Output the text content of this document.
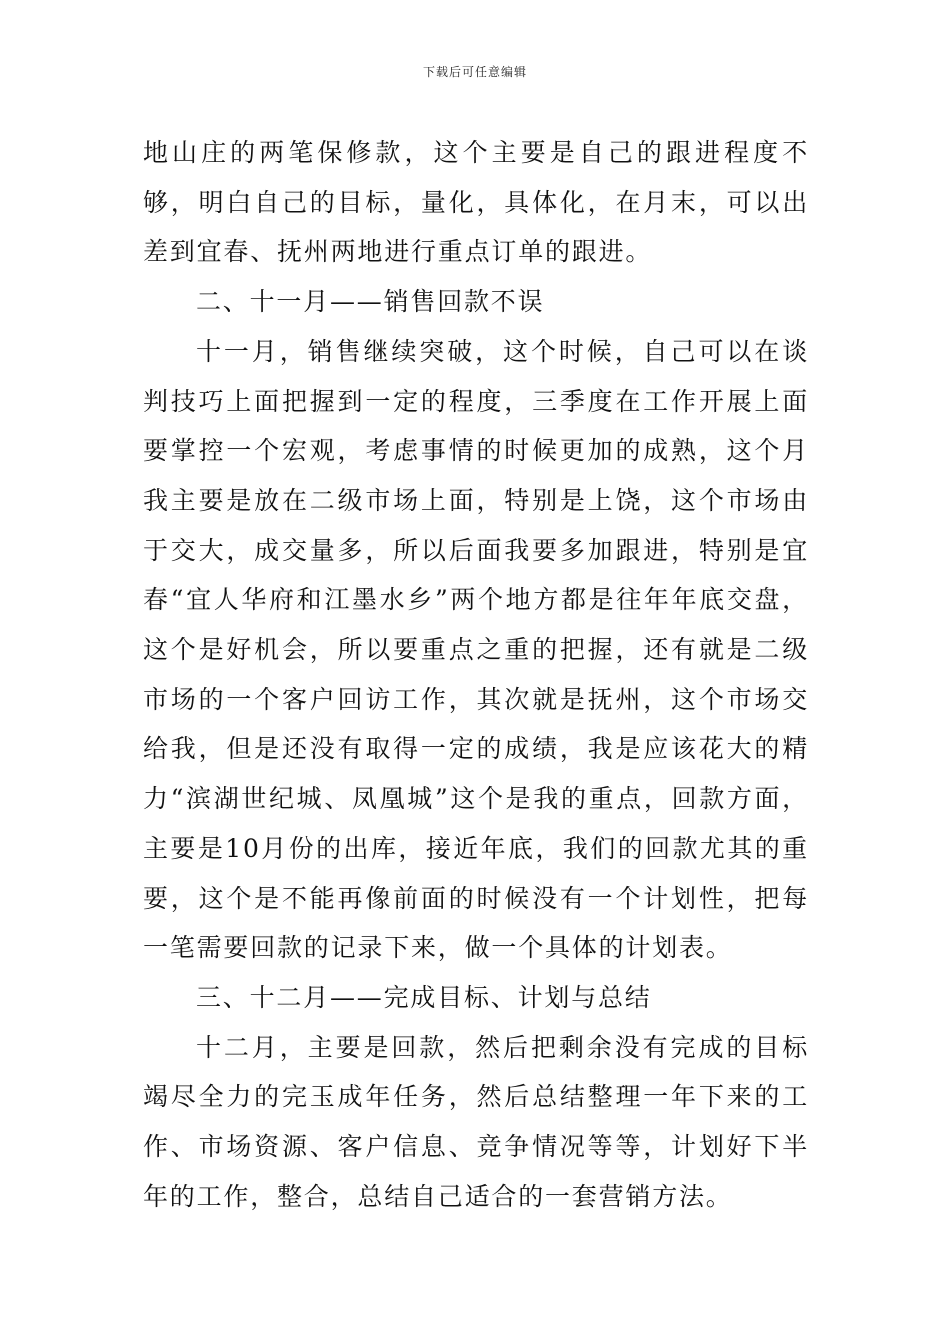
下载后可任意编辑

地山庄的两笔保修款，这个主要是自己的跟进程度不够，明白自己的目标，量化，具体化，在月末，可以出差到宜春、抚州两地进行重点订单的跟进。

二、十一月——销售回款不误

十一月，销售继续突破，这个时候，自己可以在谈判技巧上面把握到一定的程度，三季度在工作开展上面要掌控一个宏观，考虑事情的时候更加的成熟，这个月我主要是放在二级市场上面，特别是上饶，这个市场由于交大，成交量多，所以后面我要多加跟进，特别是宜春“宜人华府和江墨水乡”两个地方都是往年年底交盘，这个是好机会，所以要重点之重的把握，还有就是二级市场的一个客户回访工作，其次就是抚州，这个市场交给我，但是还没有取得一定的成绩，我是应该花大的精力“滨湖世纪城、凤凰城”这个是我的重点，回款方面，主要是10月份的出库，接近年底，我们的回款尤其的重要，这个是不能再像前面的时候没有一个计划性，把每一笔需要回款的记录下来，做一个具体的计划表。

三、十二月——完成目标、计划与总结

十二月，主要是回款，然后把剩余没有完成的目标竭尽全力的完玉成年任务，然后总结整理一年下来的工作、市场资源、客户信息、竞争情况等等，计划好下半年的工作，整合，总结自己适合的一套营销方法。
